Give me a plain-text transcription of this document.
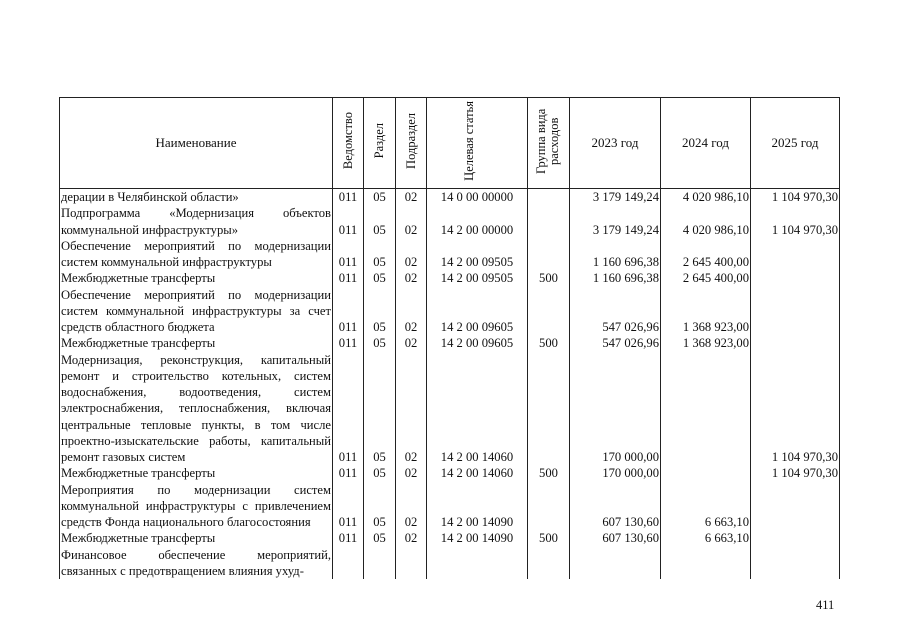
Наименование	Ведомство	Раздел	Подраздел	Целевая статья	Группа вида расходов	2023 год	2024 год	2025 год
дерации в Челябинской области»	011	05	02	14 0 00 00000		3 179 149,24	4 020 986,10	1 104 970,30
Подпрограмма «Модернизация объектов коммунальной инфраструктуры»	011	05	02	14 2 00 00000		3 179 149,24	4 020 986,10	1 104 970,30
Обеспечение мероприятий по модернизации систем коммунальной инфраструктуры	011	05	02	14 2 00 09505		1 160 696,38	2 645 400,00	
Межбюджетные трансферты	011	05	02	14 2 00 09505	500	1 160 696,38	2 645 400,00	
Обеспечение мероприятий по модернизации систем коммунальной инфраструктуры за счет средств областного бюджета	011	05	02	14 2 00 09605		547 026,96	1 368 923,00	
Межбюджетные трансферты	011	05	02	14 2 00 09605	500	547 026,96	1 368 923,00	
Модернизация, реконструкция, капитальный ремонт и строительство котельных, систем водоснабжения, водоотведения, систем электроснабжения, теплоснабжения, включая центральные тепловые пункты, в том числе проектно-изыскательские работы, капитальный ремонт газовых систем	011	05	02	14 2 00 14060		170 000,00		1 104 970,30
Межбюджетные трансферты	011	05	02	14 2 00 14060	500	170 000,00		1 104 970,30
Мероприятия по модернизации систем коммунальной инфраструктуры с привлечением средств Фонда национального благосостояния	011	05	02	14 2 00 14090		607 130,60	6 663,10	
Межбюджетные трансферты	011	05	02	14 2 00 14090	500	607 130,60	6 663,10	
Финансовое обеспечение мероприятий, связанных с предотвращением влияния ухуд-								
411
